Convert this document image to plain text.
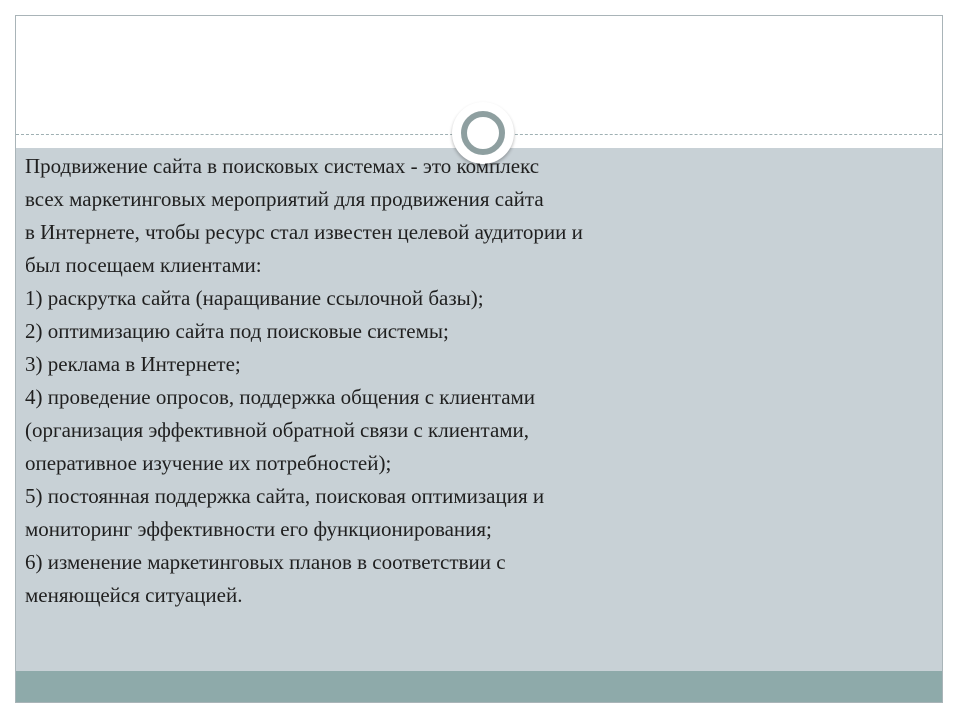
Продвижение сайта в поисковых системах - это комплекс
всех маркетинговых мероприятий для продвижения сайта
в Интернете, чтобы ресурс стал известен целевой аудитории и
был посещаем клиентами:
1) раскрутка сайта (наращивание ссылочной базы);
2) оптимизацию сайта под поисковые системы;
3) реклама в Интернете;
4) проведение опросов, поддержка общения с клиентами
(организация эффективной обратной связи с клиентами,
оперативное изучение их потребностей);
5) постоянная поддержка сайта, поисковая оптимизация и
мониторинг эффективности его функционирования;
6) изменение маркетинговых планов в соответствии с
меняющейся ситуацией.
